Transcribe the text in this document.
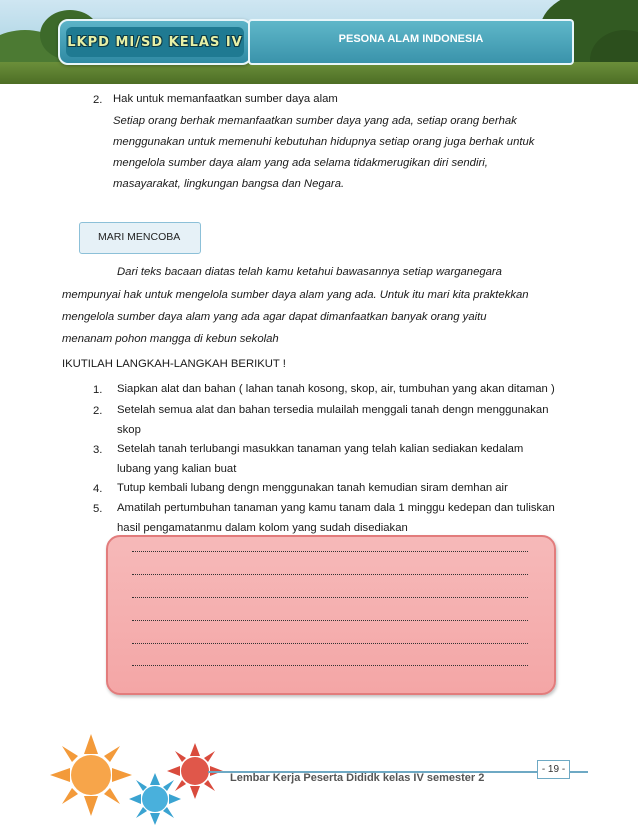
LKPD MI/SD KELAS IV	PESONA ALAM INDONESIA
2. Hak untuk memanfaatkan sumber daya alam
Setiap orang berhak memanfaatkan sumber daya yang ada, setiap orang berhak
menggunakan untuk memenuhi kebutuhan hidupnya setiap orang juga berhak untuk
mengelola sumber daya alam yang ada selama tidakmerugikan diri sendiri,
masayarakat, lingkungan bangsa dan Negara.
MARI MENCOBA
Dari teks bacaan diatas telah kamu ketahui bawasannya setiap warganegara
mempunyai hak untuk mengelola sumber daya alam yang ada. Untuk itu mari kita praktekkan
mengelola sumber daya alam yang ada agar dapat dimanfaatkan banyak orang yaitu
menanam pohon mangga di kebun sekolah
IKUTILAH LANGKAH-LANGKAH BERIKUT !
1. Siapkan alat dan bahan ( lahan tanah kosong, skop, air, tumbuhan yang akan ditaman )
2. Setelah semua alat dan bahan tersedia mulailah menggali tanah dengn menggunakan
skop
3. Setelah tanah terlubangi masukkan tanaman yang telah kalian sediakan kedalam
lubang yang kalian buat
4. Tutup kembali lubang dengn menggunakan tanah kemudian siram demhan air
5. Amatilah pertumbuhan tanaman yang kamu tanam dala 1 minggu kedepan dan tuliskan
hasil pengamatanmu dalam kolom yang sudah disediakan
Lembar Kerja Peserta Dididk kelas IV semester 2
- 19 -
